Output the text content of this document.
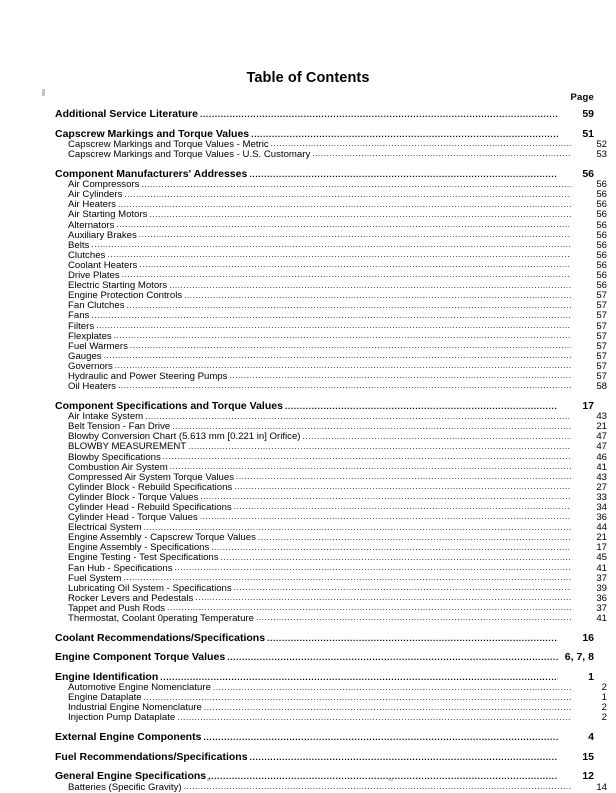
Table of Contents
Page
Additional Service Literature .....	59
Capscrew Markings and Torque Values .....	51
Capscrew Markings and Torque Values - Metric .....	52
Capscrew Markings and Torque Values - U.S. Customary .....	53
Component Manufacturers' Addresses .....	56
Air Compressors .....	56
Air Cylinders .....	56
Air Heaters .....	56
Air Starting Motors .....	56
Alternators .....	56
Auxiliary Brakes .....	56
Belts .....	56
Clutches .....	56
Coolant Heaters .....	56
Drive Plates .....	56
Electric Starting Motors .....	56
Engine Protection Controls .....	57
Fan Clutches .....	57
Fans .....	57
Filters .....	57
Flexplates .....	57
Fuel Warmers .....	57
Gauges .....	57
Governors .....	57
Hydraulic and Power Steering Pumps .....	57
Oil Heaters .....	58
Component Specifications and Torque Values .....	17
Air Intake System .....	43
Belt Tension - Fan Drive .....	21
Blowby Conversion Chart (5.613 mm [0.221 in] Orifice) .....	47
BLOWBY MEASUREMENT .....	47
Blowby Specifications .....	46
Combustion Air System .....	41
Compressed Air System Torque Values .....	43
Cylinder Block - Rebuild Specifications .....	27
Cylinder Block - Torque Values .....	33
Cylinder Head - Rebuild Specifications .....	34
Cylinder Head - Torque Values .....	36
Electrical System .....	44
Engine Assembly - Capscrew Torque Values .....	21
Engine Assembly - Specifications .....	17
Engine Testing - Test Specifications .....	45
Fan Hub - Specifications .....	41
Fuel System .....	37
Lubricating Oil System - Specifications .....	39
Rocker Levers and Pedestals .....	36
Tappet and Push Rods .....	37
Thermostat, Coolant 0perating Temperature .....	41
Coolant Recommendations/Specifications .....	16
Engine Component Torque Values .....	6, 7, 8
Engine Identification .....	1
Automotive Engine Nomenclature .....	2
Engine Dataplate .....	1
Industrial Engine Nomenclature .....	2
Injection Pump Dataplate .....	2
External Engine Components .....	4
Fuel Recommendations/Specifications .....	15
General Engine Specifications .....	12
Batteries (Specific Gravity) .....	14
